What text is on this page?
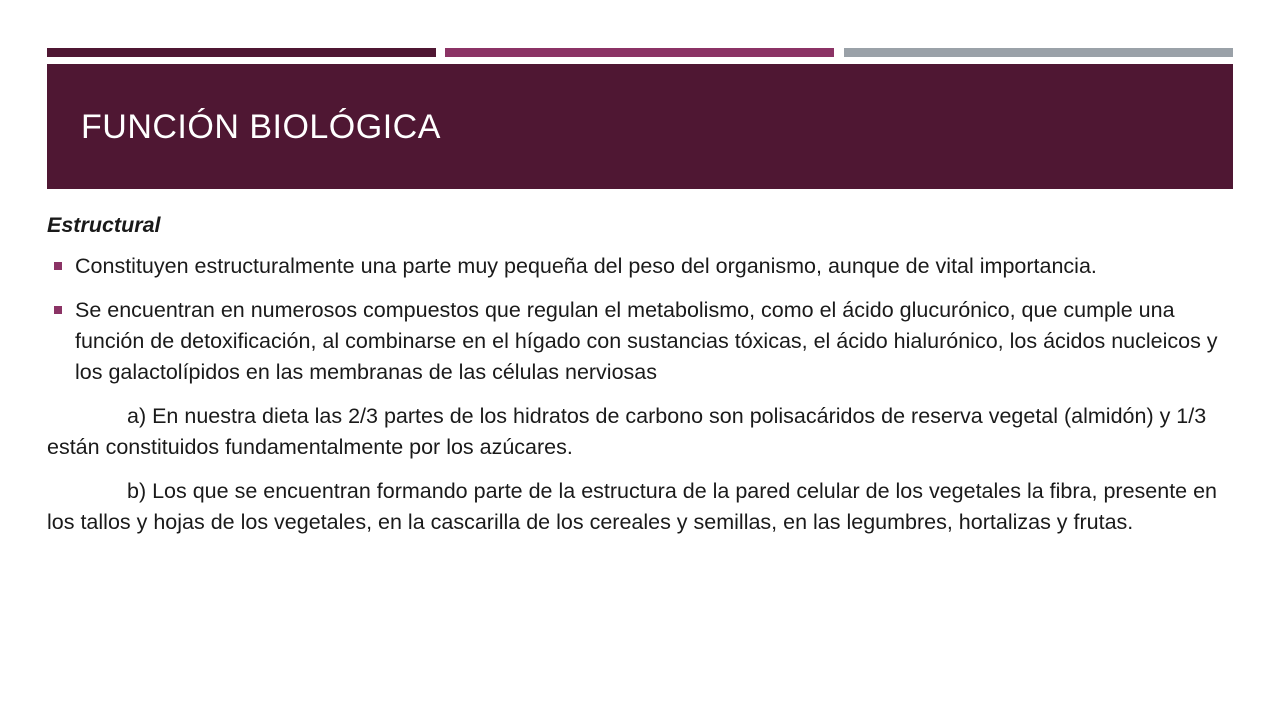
FUNCIÓN BIOLÓGICA
Estructural
Constituyen estructuralmente una parte muy pequeña del peso del organismo, aunque de vital importancia.
Se encuentran en numerosos compuestos que regulan el metabolismo, como el ácido glucurónico, que cumple una función de detoxificación, al combinarse en el hígado con sustancias tóxicas, el ácido hialurónico, los ácidos nucleicos y los galactolípidos en las membranas de las células nerviosas

a) En nuestra dieta las 2/3 partes de los hidratos de carbono son polisacáridos de reserva vegetal (almidón) y 1/3 están constituidos fundamentalmente por los azúcares.

b) Los que se encuentran formando parte de la estructura de la pared celular de los vegetales la fibra, presente en los tallos y hojas de los vegetales, en la cascarilla de los cereales y semillas, en las legumbres, hortalizas y frutas.
